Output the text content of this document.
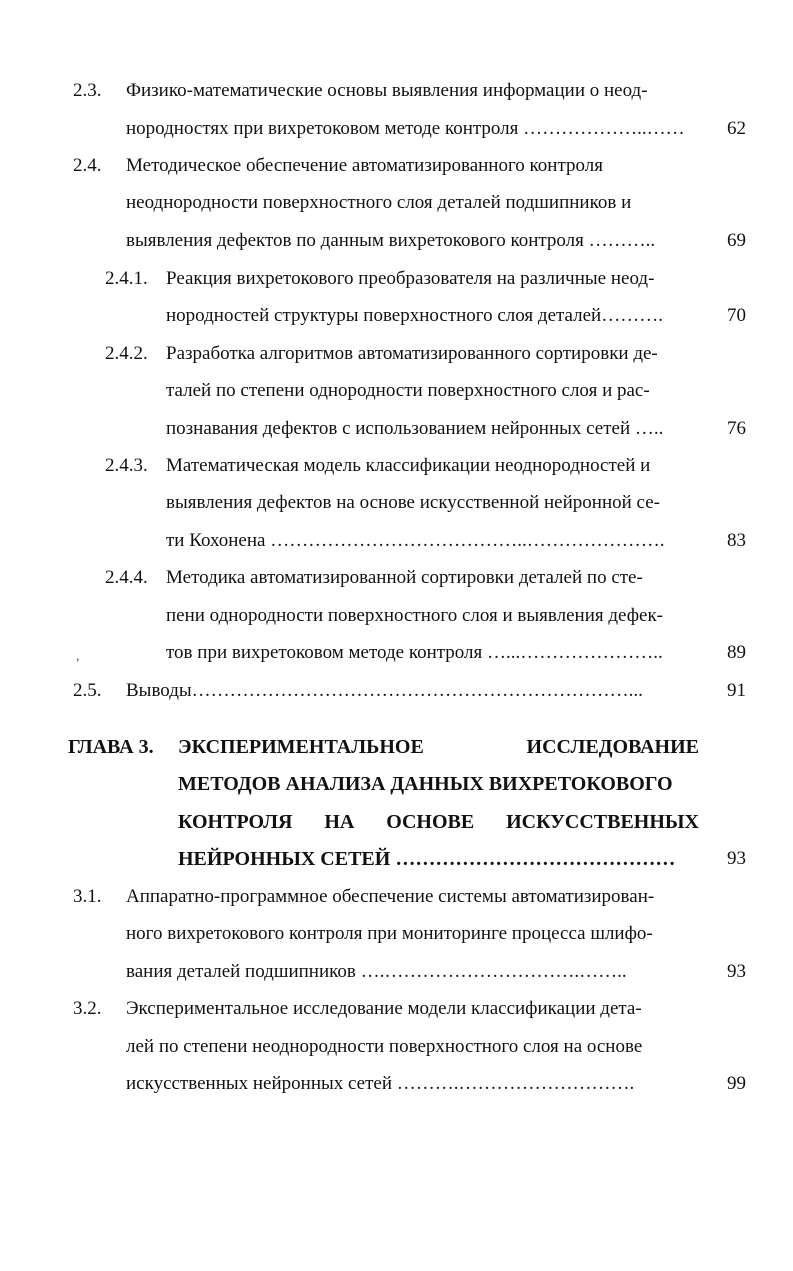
2.3. Физико-математические основы выявления информации о неод-
нородностях при вихретоковом методе контроля ………………..……	62
2.4. Методическое обеспечение автоматизированного контроля
неоднородности поверхностного слоя деталей подшипников и
выявления дефектов по данным вихретокового контроля ………..	69
2.4.1. Реакция вихретокового преобразователя на различные неод-
нородностей структуры поверхностного слоя деталей……….	70
2.4.2. Разработка алгоритмов автоматизированного сортировки де-
талей по степени однородности поверхностного слоя и рас-
познавания дефектов с использованием нейронных сетей …..	76
2.4.3. Математическая модель классификации неоднородностей и
выявления дефектов на основе искусственной нейронной се-
ти Кохонена …………………………………..………………….	83
2.4.4. Методика автоматизированной сортировки деталей по сте-
пени однородности поверхностного слоя и выявления дефек-
,	тов при вихретоковом методе контроля …...…………………..	89
2.5. Выводы……………………………………………………………...	91
ГЛАВА 3. ЭКСПЕРИМЕНТАЛЬНОЕ	ИССЛЕДОВАНИЕ
МЕТОДОВ АНАЛИЗА ДАННЫХ ВИХРЕТОКОВОГО
КОНТРОЛЯ НА ОСНОВЕ ИСКУССТВЕННЫХ
НЕЙРОННЫХ СЕТЕЙ ……………………………………	93
3.1. Аппаратно-программное обеспечение системы автоматизирован-
ного вихретокового контроля при мониторинге процесса шлифо-
вания деталей подшипников ….………………………….……..	93
3.2. Экспериментальное исследование модели классификации дета-
лей по степени неоднородности поверхностного слоя на основе
искусственных нейронных сетей ……….……………………….	99
